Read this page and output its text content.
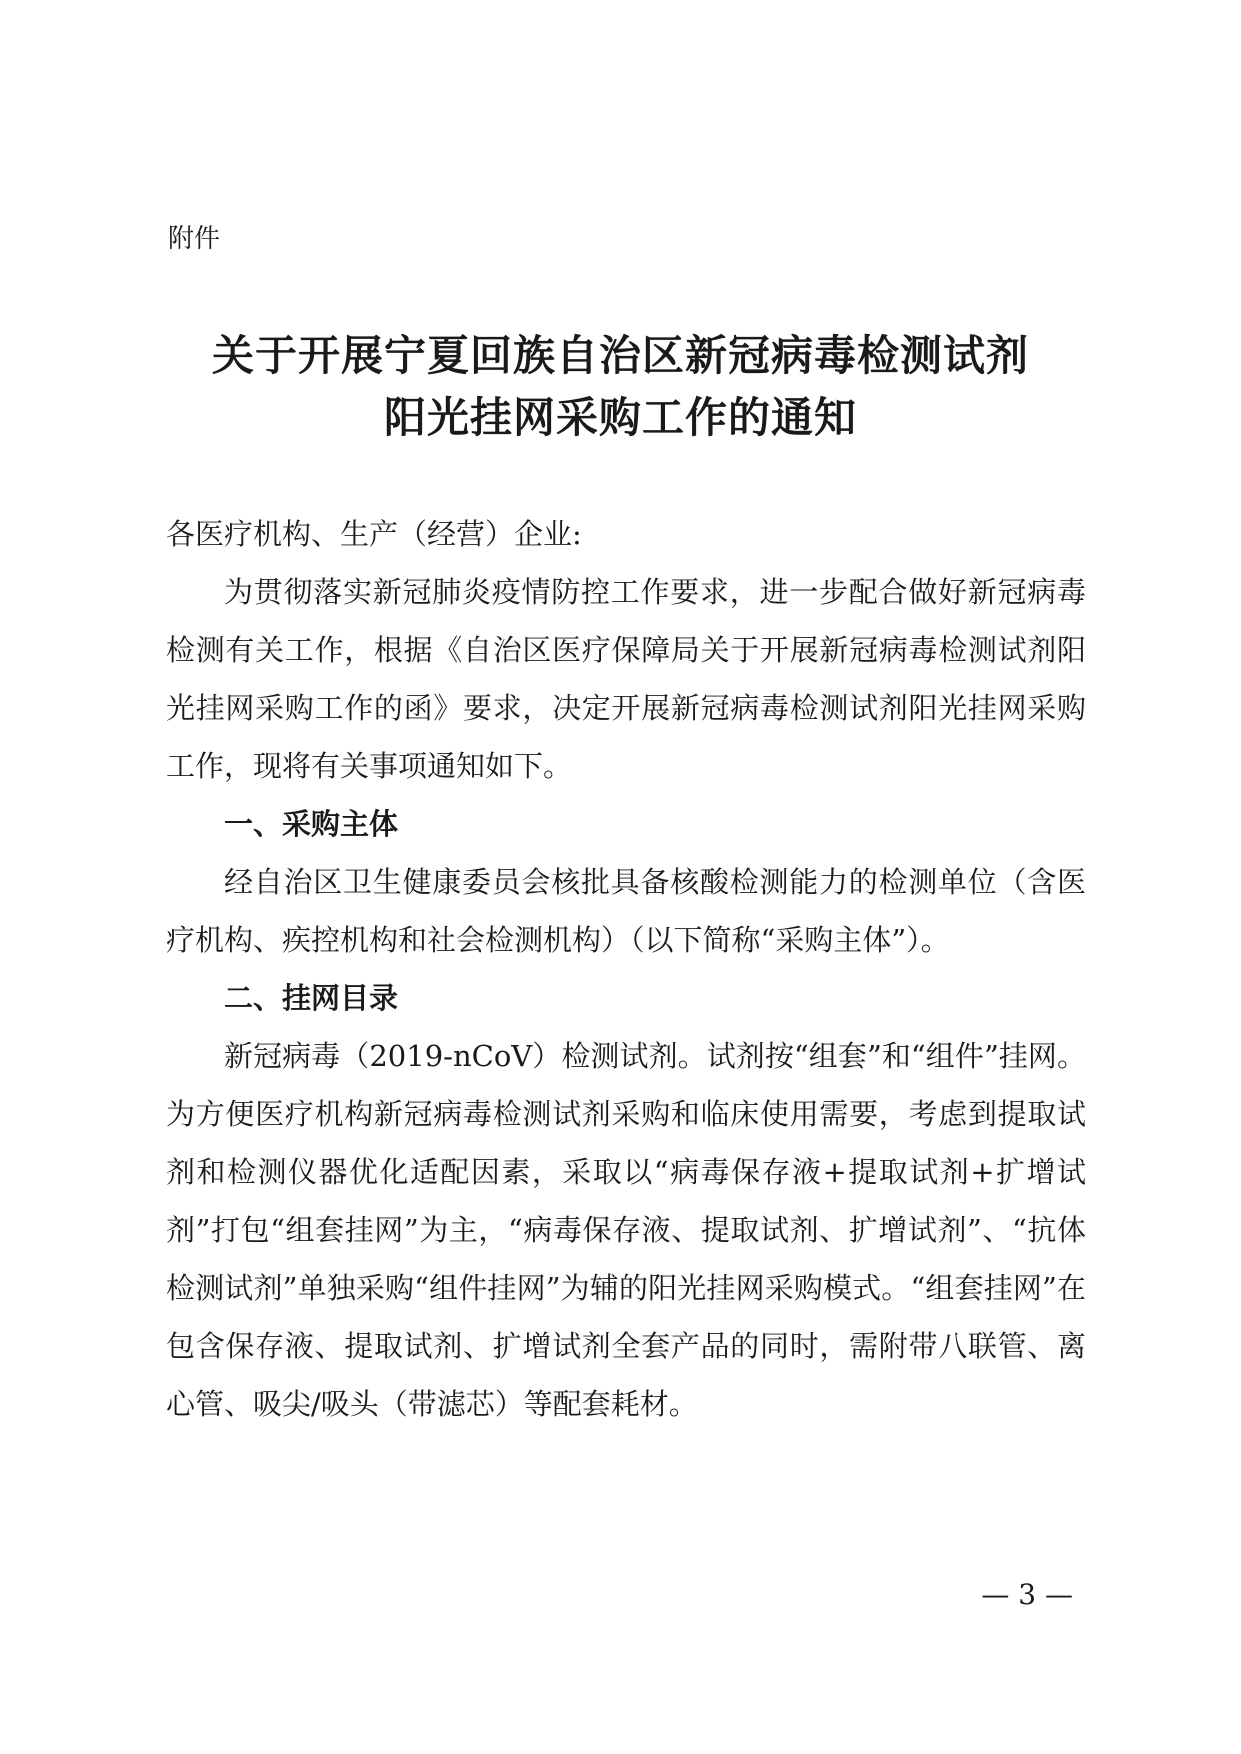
附件

关于开展宁夏回族自治区新冠病毒检测试剂
阳光挂网采购工作的通知

各医疗机构、生产（经营）企业:

为贯彻落实新冠肺炎疫情防控工作要求，进一步配合做好新冠病毒检测有关工作，根据《自治区医疗保障局关于开展新冠病毒检测试剂阳光挂网采购工作的函》要求，决定开展新冠病毒检测试剂阳光挂网采购工作，现将有关事项通知如下。

一、采购主体

经自治区卫生健康委员会核批具备核酸检测能力的检测单位（含医疗机构、疾控机构和社会检测机构）（以下简称“采购主体”）。

二、挂网目录

新冠病毒（2019-nCoV）检测试剂。试剂按“组套”和“组件”挂网。为方便医疗机构新冠病毒检测试剂采购和临床使用需要，考虑到提取试剂和检测仪器优化适配因素，采取以“病毒保存液+提取试剂+扩增试剂”打包“组套挂网”为主，“病毒保存液、提取试剂、扩增试剂”、“抗体检测试剂”单独采购“组件挂网”为辅的阳光挂网采购模式。“组套挂网”在包含保存液、提取试剂、扩增试剂全套产品的同时，需附带八联管、离心管、吸尖/吸头（带滤芯）等配套耗材。

— 3 —
